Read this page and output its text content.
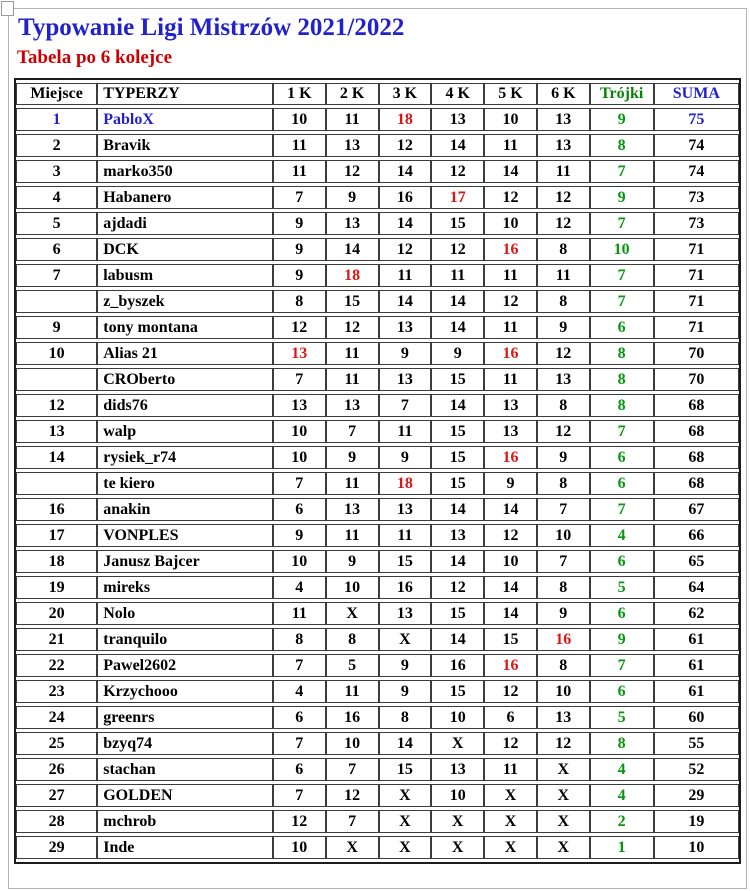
Typowanie Ligi Mistrzów 2021/2022
Tabela po 6 kolejce
Miejsce	TYPERZY	1 K	2 K	3 K	4 K	5 K	6 K	Trójki	SUMA
1	PabloX	10	11	18	13	10	13	9	75
2	Bravik	11	13	12	14	11	13	8	74
3	marko350	11	12	14	12	14	11	7	74
4	Habanero	7	9	16	17	12	12	9	73
5	ajdadi	9	13	14	15	10	12	7	73
6	DCK	9	14	12	12	16	8	10	71
7	labusm	9	18	11	11	11	11	7	71
	z_byszek	8	15	14	14	12	8	7	71
9	tony montana	12	12	13	14	11	9	6	71
10	Alias 21	13	11	9	9	16	12	8	70
	CROberto	7	11	13	15	11	13	8	70
12	dids76	13	13	7	14	13	8	8	68
13	walp	10	7	11	15	13	12	7	68
14	rysiek_r74	10	9	9	15	16	9	6	68
	te kiero	7	11	18	15	9	8	6	68
16	anakin	6	13	13	14	14	7	7	67
17	VONPLES	9	11	11	13	12	10	4	66
18	Janusz Bajcer	10	9	15	14	10	7	6	65
19	mireks	4	10	16	12	14	8	5	64
20	Nolo	11	X	13	15	14	9	6	62
21	tranquilo	8	8	X	14	15	16	9	61
22	Pawel2602	7	5	9	16	16	8	7	61
23	Krzychooo	4	11	9	15	12	10	6	61
24	greenrs	6	16	8	10	6	13	5	60
25	bzyq74	7	10	14	X	12	12	8	55
26	stachan	6	7	15	13	11	X	4	52
27	GOLDEN	7	12	X	10	X	X	4	29
28	mchrob	12	7	X	X	X	X	2	19
29	Inde	10	X	X	X	X	X	1	10
